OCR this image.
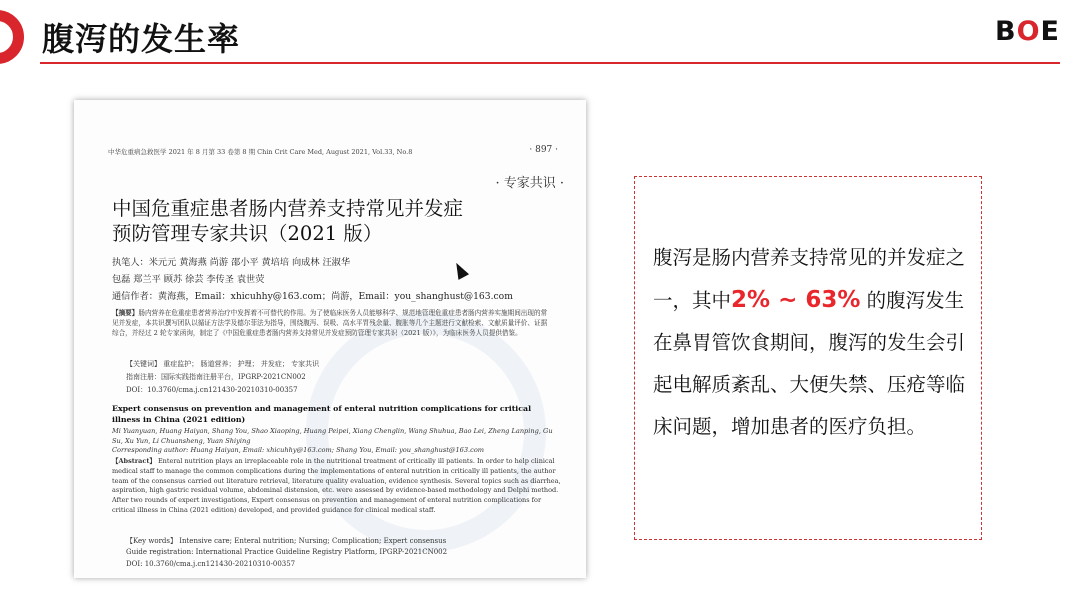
腹泻的发生率	BOE
中华危重病急救医学 2021 年 8 月第 33 卷第 8 期 Chin Crit Care Med, August 2021, Vol.33, No.8	· 897 ·
· 专家共识 ·
中国危重症患者肠内营养支持常见并发症
预防管理专家共识（2021 版）
执笔人：米元元 黄海燕 尚游 邵小平 黄培培 向成林 汪淑华
包磊 郑兰平 顾苏 徐芸 李传圣 袁世荧
通信作者：黄海燕，Email：xhicuhhy@163.com；尚游，Email：you_shanghust@163.com
【摘要】肠内营养在危重症患者营养治疗中发挥着不可替代的作用。为了使临床医务人员能够科学、规范地管理危重症患者肠内营养实施期间出现的常见并发症，本共识撰写团队以循证方法学及德尔菲法为指导，围绕腹泻、误吸、高水平胃残余量、腹胀等几个主题进行文献检索、文献质量评价、证据综合，并经过 2 轮专家函询，制定了《中国危重症患者肠内营养支持常见并发症预防管理专家共识（2021 版）》，为临床医务人员提供借鉴。
【关键词】 重症监护； 肠道营养； 护理； 并发症； 专家共识
指南注册：国际实践指南注册平台，IPGRP-2021CN002
DOI：10.3760/cma.j.cn121430-20210310-00357
Expert consensus on prevention and management of enteral nutrition complications for critical illness in China (2021 edition)
Mi Yuanyuan, Huang Haiyan, Shang You, Shao Xiaoping, Huang Peipei, Xiang Chenglin, Wang Shuhua, Bao Lei, Zheng Lanping, Gu Su, Xu Yun, Li Chuansheng, Yuan Shiying
Corresponding author: Huang Haiyan, Email: xhicuhhy@163.com; Shang You, Email: you_shanghust@163.com
【Abstract】 Enteral nutrition plays an irreplaceable role in the nutritional treatment of critically ill patients. In order to help clinical medical staff to manage the common complications during the implementations of enteral nutrition in critically ill patients, the author team of the consensus carried out literature retrieval, literature quality evaluation, evidence synthesis. Several topics such as diarrhea, aspiration, high gastric residual volume, abdominal distension, etc. were assessed by evidence-based methodology and Delphi method. After two rounds of expert investigations, Expert consensus on prevention and management of enteral nutrition complications for critical illness in China (2021 edition) developed, and provided guidance for clinical medical staff.
【Key words】 Intensive care; Enteral nutrition; Nursing; Complication; Expert consensus
Guide registration: International Practice Guideline Registry Platform, IPGRP-2021CN002
DOI: 10.3760/cma.j.cn121430-20210310-00357
腹泻是肠内营养支持常见的并发症之一，其中2% ~ 63% 的腹泻发生在鼻胃管饮食期间，腹泻的发生会引起电解质紊乱、大便失禁、压疮等临床问题，增加患者的医疗负担。
